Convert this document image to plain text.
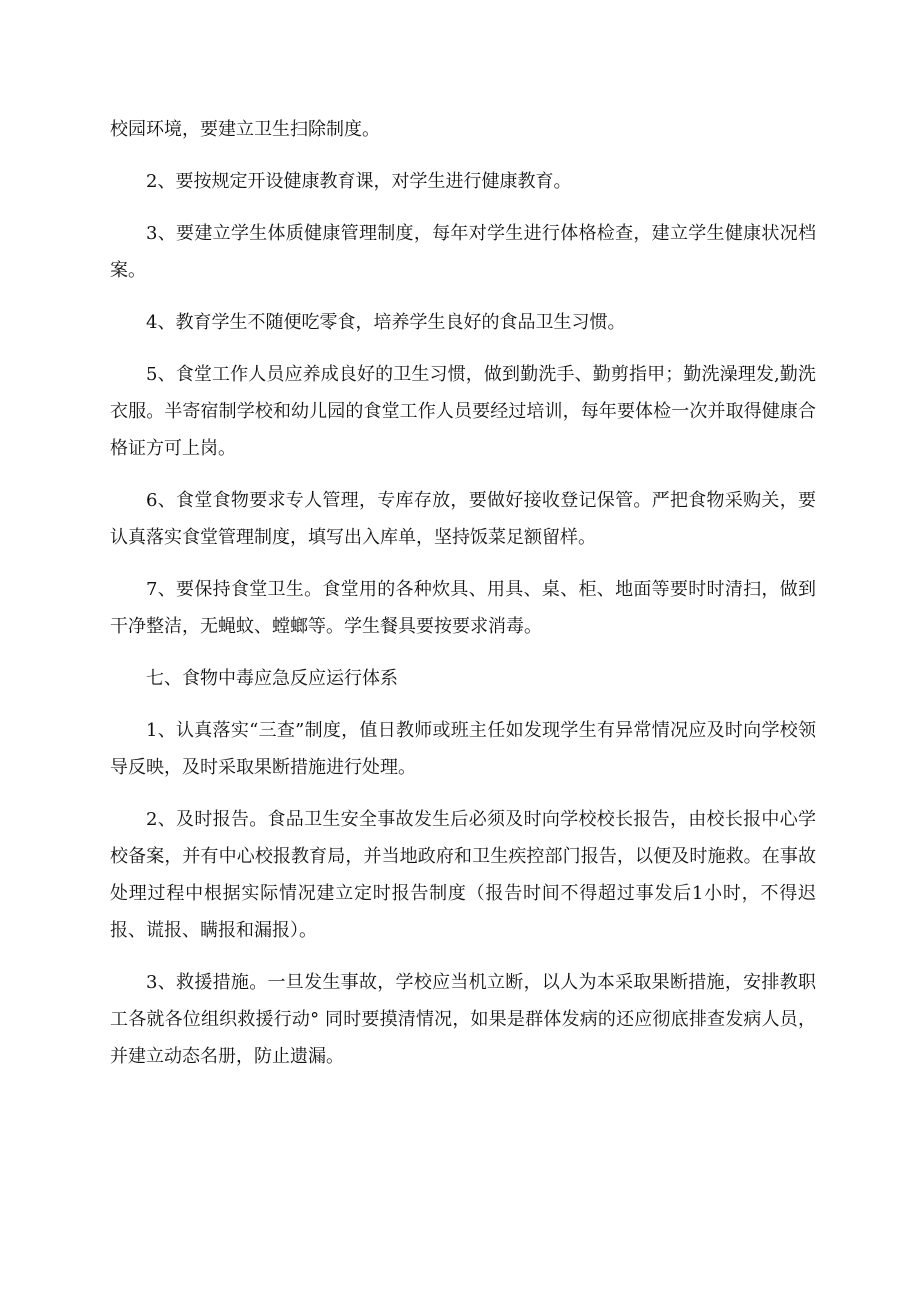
校园环境，要建立卫生扫除制度。

2、要按规定开设健康教育课，对学生进行健康教育。

3、要建立学生体质健康管理制度，每年对学生进行体格检查，建立学生健康状况档案。

4、教育学生不随便吃零食，培养学生良好的食品卫生习惯。

5、食堂工作人员应养成良好的卫生习惯，做到勤洗手、勤剪指甲；勤洗澡理发,勤洗衣服。半寄宿制学校和幼儿园的食堂工作人员要经过培训，每年要体检一次并取得健康合格证方可上岗。

6、食堂食物要求专人管理，专库存放，要做好接收登记保管。严把食物采购关，要认真落实食堂管理制度，填写出入库单，坚持饭菜足额留样。

7、要保持食堂卫生。食堂用的各种炊具、用具、桌、柜、地面等要时时清扫，做到干净整洁，无蝇蚊、螳螂等。学生餐具要按要求消毒。

七、食物中毒应急反应运行体系

1、认真落实“三查”制度，值日教师或班主任如发现学生有异常情况应及时向学校领导反映，及时采取果断措施进行处理。

2、及时报告。食品卫生安全事故发生后必须及时向学校校长报告，由校长报中心学校备案，并有中心校报教育局，并当地政府和卫生疾控部门报告，以便及时施救。在事故处理过程中根据实际情况建立定时报告制度（报告时间不得超过事发后1小时，不得迟报、谎报、瞒报和漏报）。

3、救援措施。一旦发生事故，学校应当机立断，以人为本采取果断措施，安排教职工各就各位组织救援行动° 同时要摸清情况，如果是群体发病的还应彻底排查发病人员，并建立动态名册，防止遗漏。
